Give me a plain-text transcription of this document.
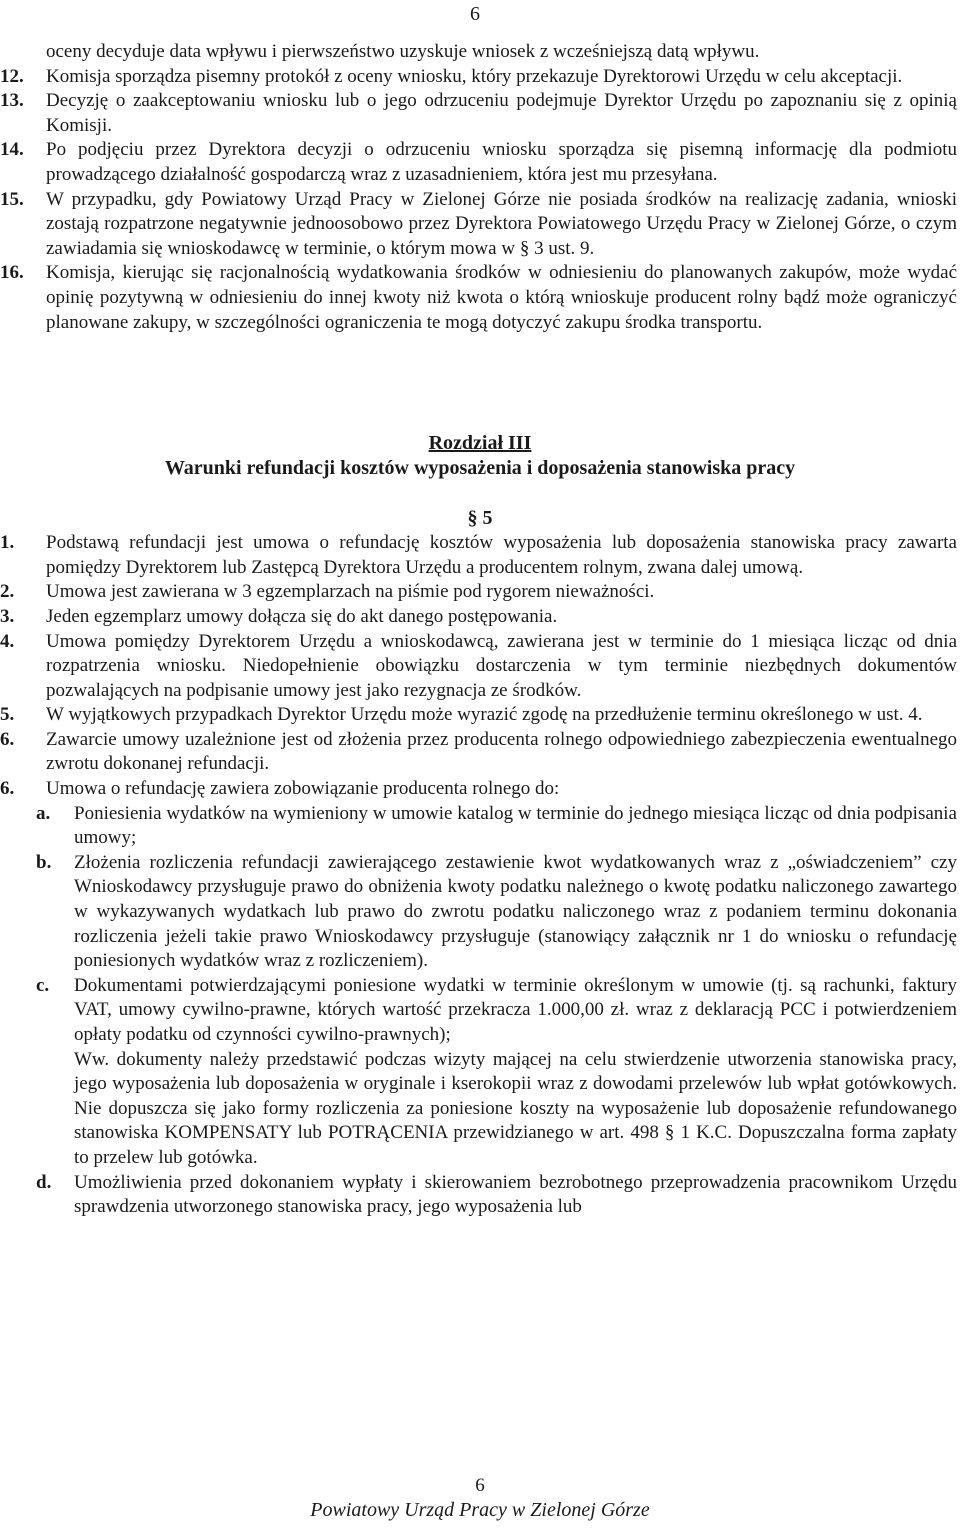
6
oceny decyduje data wpływu i pierwszeństwo uzyskuje wniosek z wcześniejszą datą wpływu.
12.	Komisja sporządza pisemny protokół z oceny wniosku, który przekazuje Dyrektorowi Urzędu w celu akceptacji.
13.	Decyzję o zaakceptowaniu wniosku lub o jego odrzuceniu podejmuje Dyrektor Urzędu po zapoznaniu się z opinią Komisji.
14.	Po podjęciu przez Dyrektora decyzji o odrzuceniu wniosku sporządza się pisemną informację dla podmiotu prowadzącego działalność gospodarczą wraz z uzasadnieniem, która jest mu przesyłana.
15.	W przypadku, gdy Powiatowy Urząd Pracy w Zielonej Górze nie posiada środków na realizację zadania, wnioski zostają rozpatrzone negatywnie jednoosobowo przez Dyrektora Powiatowego Urzędu Pracy w Zielonej Górze, o czym zawiadamia się wnioskodawcę w terminie, o którym mowa w § 3 ust. 9.
16.	Komisja, kierując się racjonalnością wydatkowania środków w odniesieniu do planowanych zakupów, może wydać opinię pozytywną w odniesieniu do innej kwoty niż kwota o którą wnioskuje producent rolny bądź może ograniczyć planowane zakupy, w szczególności ograniczenia te mogą dotyczyć zakupu środka transportu.
Rozdział III
Warunki refundacji kosztów wyposażenia i doposażenia stanowiska pracy
§ 5
1.	Podstawą refundacji jest umowa o refundację kosztów wyposażenia lub doposażenia stanowiska pracy zawarta pomiędzy Dyrektorem lub Zastępcą Dyrektora Urzędu a producentem rolnym, zwana dalej umową.
2.	Umowa jest zawierana w 3 egzemplarzach na piśmie pod rygorem nieważności.
3.	Jeden egzemplarz umowy dołącza się do akt danego postępowania.
4.	Umowa pomiędzy Dyrektorem Urzędu a wnioskodawcą, zawierana jest w terminie do 1 miesiąca licząc od dnia rozpatrzenia wniosku. Niedopełnienie obowiązku dostarczenia w tym terminie niezbędnych dokumentów pozwalających na podpisanie umowy jest jako rezygnacja ze środków.
5.	W wyjątkowych przypadkach Dyrektor Urzędu może wyrazić zgodę na przedłużenie terminu określonego w ust. 4.
6.	Zawarcie umowy uzależnione jest od złożenia przez producenta rolnego odpowiedniego zabezpieczenia ewentualnego zwrotu dokonanej refundacji.
6.	Umowa o refundację zawiera zobowiązanie producenta rolnego do:
a.	Poniesienia wydatków na wymieniony w umowie katalog w terminie do jednego miesiąca licząc od dnia podpisania umowy;
b.	Złożenia rozliczenia refundacji zawierającego zestawienie kwot wydatkowanych wraz z „oświadczeniem” czy Wnioskodawcy przysługuje prawo do obniżenia kwoty podatku należnego o kwotę podatku naliczonego zawartego w wykazywanych wydatkach lub prawo do zwrotu podatku naliczonego wraz z podaniem terminu dokonania rozliczenia jeżeli takie prawo Wnioskodawcy przysługuje (stanowiący załącznik nr 1 do wniosku o refundację poniesionych wydatków wraz z rozliczeniem).
c.	Dokumentami potwierdzającymi poniesione wydatki w terminie określonym w umowie (tj. są rachunki, faktury VAT, umowy cywilno-prawne, których wartość przekracza 1.000,00 zł. wraz z deklaracją PCC i potwierdzeniem opłaty podatku od czynności cywilno-prawnych);

Ww. dokumenty należy przedstawić podczas wizyty mającej na celu stwierdzenie utworzenia stanowiska pracy, jego wyposażenia lub doposażenia w oryginale i kserokopii wraz z dowodami przelewów lub wpłat gotówkowych. Nie dopuszcza się jako formy rozliczenia za poniesione koszty na wyposażenie lub doposażenie refundowanego stanowiska KOMPENSATY lub POTRĄCENIA przewidzianego w art. 498 § 1 K.C. Dopuszczalna forma zapłaty to przelew lub gotówka.

d.	Umożliwienia przed dokonaniem wypłaty i skierowaniem bezrobotnego przeprowadzenia pracownikom Urzędu sprawdzenia utworzonego stanowiska pracy, jego wyposażenia lub
6
Powiatowy Urząd Pracy w Zielonej Górze
